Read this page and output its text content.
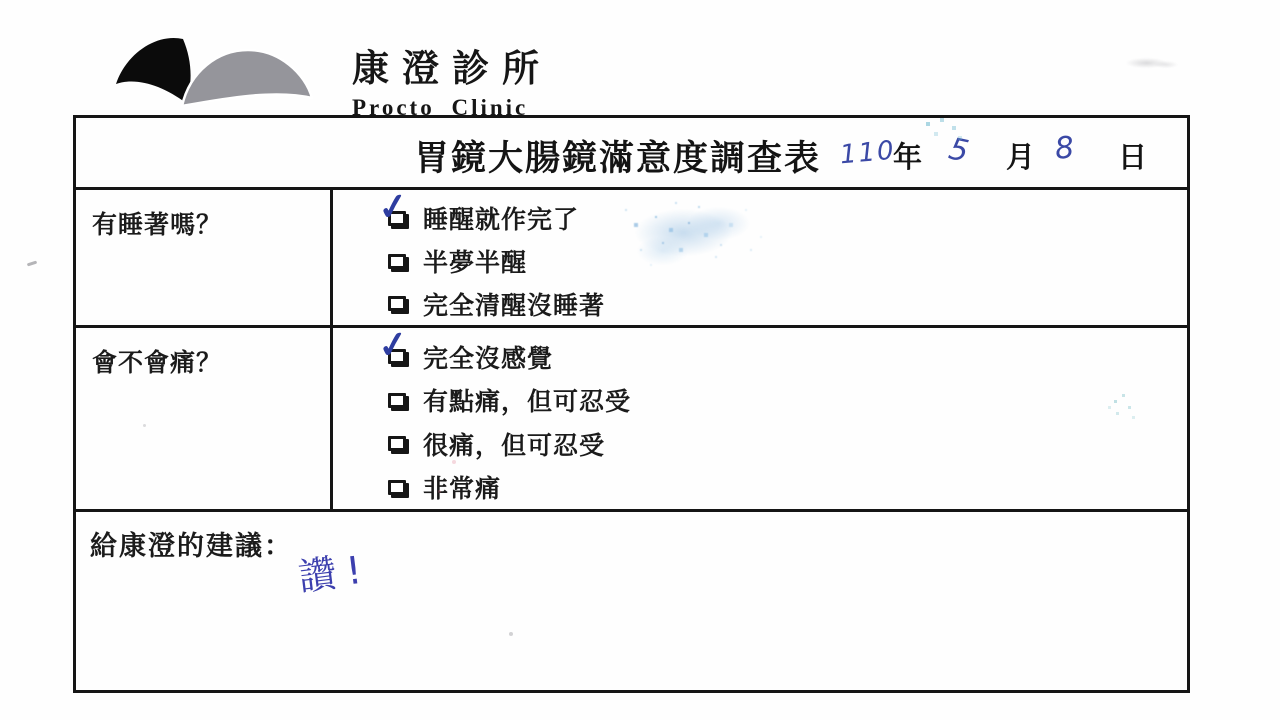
康澄診所
Procto Clinic
胃鏡大腸鏡滿意度調查表 110
年 5 月 8 日
有睡著嗎？	✓ 睡醒就作完了
半夢半醒
完全清醒沒睡著
會不會痛？	✓ 完全沒感覺
有點痛，但可忍受
很痛，但可忍受
非常痛
給康澄的建議：
讚!
